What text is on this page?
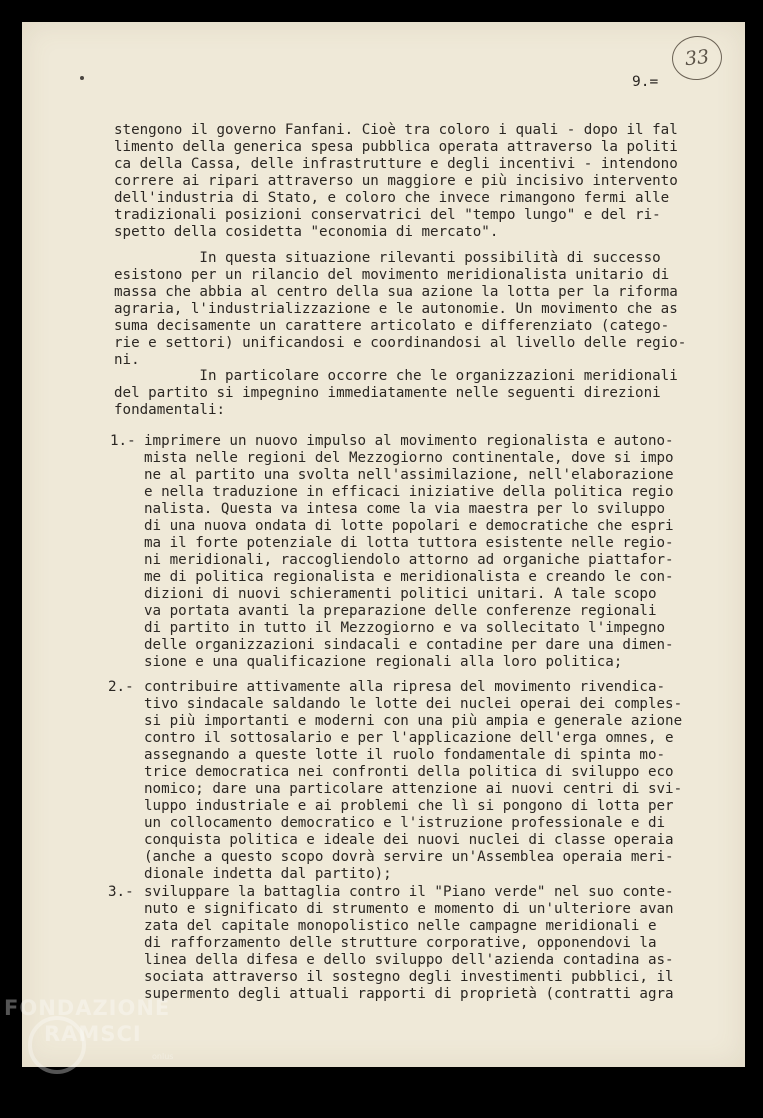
33
9.=

stengono il governo Fanfani. Cioè tra coloro i quali - dopo il fal

limento della generica spesa pubblica operata attraverso la politi

ca della Cassa, delle infrastrutture e degli incentivi - intendono

correre ai ripari attraverso un maggiore e più incisivo intervento

dell'industria di Stato, e coloro che invece rimangono fermi alle

tradizionali posizioni conservatrici del "tempo lungo" e del ri-

spetto della cosidetta "economia di mercato".

In questa situazione rilevanti possibilità di successo

esistono per un rilancio del movimento meridionalista unitario di

massa che abbia al centro della sua azione la lotta per la riforma

agraria, l'industrializzazione e le autonomie. Un movimento che as

suma decisamente un carattere articolato e differenziato (catego-

rie e settori) unificandosi e coordinandosi al livello delle regio-

ni.

In particolare occorre che le organizzazioni meridionali

del partito si impegnino immediatamente nelle seguenti direzioni

fondamentali:

1.-

imprimere un nuovo impulso al movimento regionalista e autono-

mista nelle regioni del Mezzogiorno continentale, dove si impo

ne al partito una svolta nell'assimilazione, nell'elaborazione

e nella traduzione in efficaci iniziative della politica regio

nalista. Questa va intesa come la via maestra per lo sviluppo

di una nuova ondata di lotte popolari e democratiche che espri

ma il forte potenziale di lotta tuttora esistente nelle regio-

ni meridionali, raccogliendolo attorno ad organiche piattafor-

me di politica regionalista e meridionalista e creando le con-

dizioni di nuovi schieramenti politici unitari. A tale scopo

va portata avanti la preparazione delle conferenze regionali

di partito in tutto il Mezzogiorno e va sollecitato l'impegno

delle organizzazioni sindacali e contadine per dare una dimen-

sione e una qualificazione regionali alla loro politica;

2.-

contribuire attivamente alla ripresa del movimento rivendica-

tivo sindacale saldando le lotte dei nuclei operai dei comples-

si più importanti e moderni con una più ampia e generale azione

contro il sottosalario e per l'applicazione dell'erga omnes, e

assegnando a queste lotte il ruolo fondamentale di spinta mo-

trice democratica nei confronti della politica di sviluppo eco

nomico; dare una particolare attenzione ai nuovi centri di svi-

luppo industriale e ai problemi che lì si pongono di lotta per

un collocamento democratico e l'istruzione professionale e di

conquista politica e ideale dei nuovi nuclei di classe operaia

(anche a questo scopo dovrà servire un'Assemblea operaia meri-

dionale indetta dal partito);

3.-

sviluppare la battaglia contro il "Piano verde" nel suo conte-

nuto e significato di strumento e momento di un'ulteriore avan

zata del capitale monopolistico nelle campagne meridionali e

di rafforzamento delle strutture corporative, opponendovi la

linea della difesa e dello sviluppo dell'azienda contadina as-

sociata attraverso il sostegno degli investimenti pubblici, il

supermento degli attuali rapporti di proprietà (contratti agra

FONDAZIONE
RAMSCI
onlus
